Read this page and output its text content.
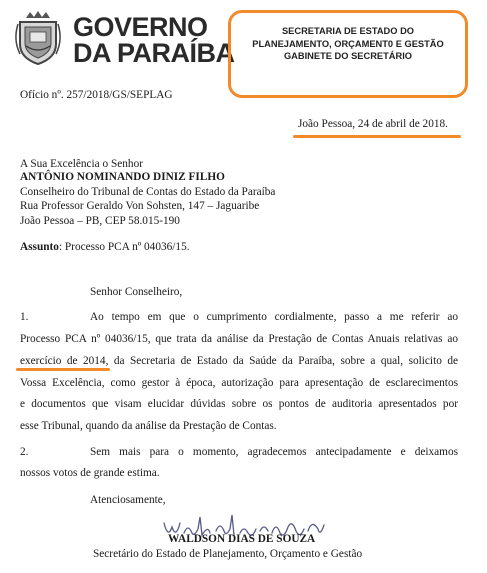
GOVERNO
DA PARAÍBA
SECRETARIA DE ESTADO DO
PLANEJAMENTO, ORÇAMENT0 E GESTÃO
GABINETE DO SECRETÁRIO
Ofício nº. 257/2018/GS/SEPLAG
João Pessoa, 24 de abril de 2018.
A Sua Excelência o Senhor
ANTÔNIO NOMINANDO DINIZ FILHO
Conselheiro do Tribunal de Contas do Estado da Paraíba
Rua Professor Geraldo Von Sohsten, 147 – Jaguaribe
João Pessoa – PB, CEP 58.015-190
Assunto: Processo PCA nº 04036/15.
Senhor Conselheiro,
1.	Ao tempo em que o cumprimento cordialmente, passo a me referir ao
Processo PCA nº 04036/15, que trata da análise da Prestação de Contas Anuais relativas ao
exercício de 2014, da Secretaria de Estado da Saúde da Paraíba, sobre a qual, solicito de
Vossa Excelência, como gestor à época, autorização para apresentação de esclarecimentos
e documentos que visam elucidar dúvidas sobre os pontos de auditoria apresentados por
esse Tribunal, quando da análise da Prestação de Contas.
2.	Sem mais para o momento, agradecemos antecipadamente e deixamos
nossos votos de grande estima.
Atenciosamente,
WALDSON DIAS DE SOUZA
Secretário do Estado de Planejamento, Orçamento e Gestão
